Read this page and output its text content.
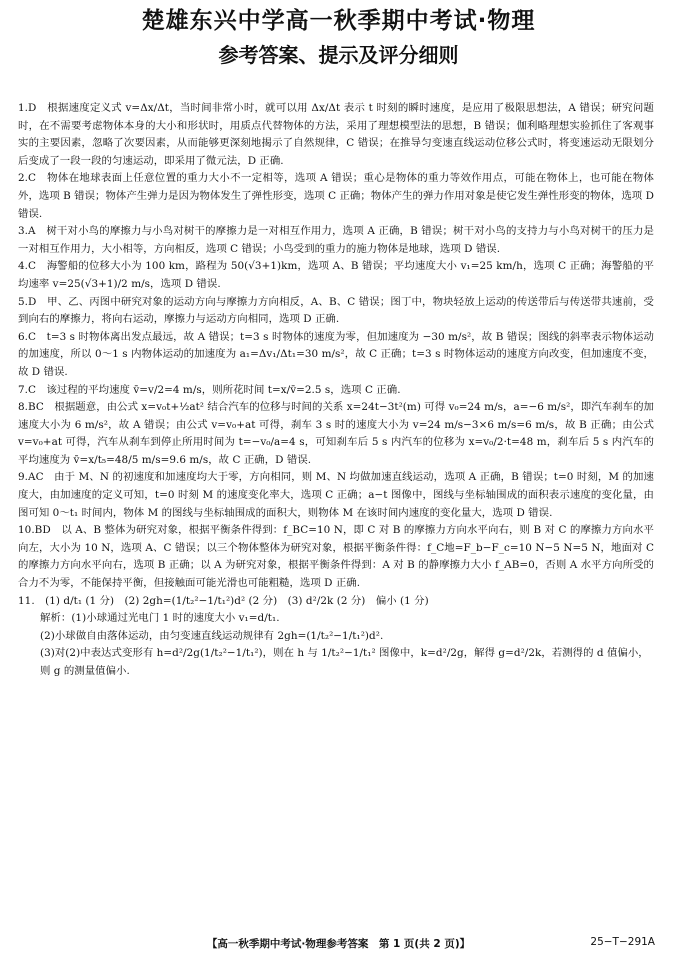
楚雄东兴中学高一秋季期中考试·物理
参考答案、提示及评分细则

1.D　 根据速度定义式 v=Δx/Δt，当时间非常小时，就可以用 Δx/Δt 表示 t 时刻的瞬时速度，是应用了极限思想法，A 错误；研究问题时，在不需要考虑物体本身的大小和形状时，用质点代替物体的方法，采用了理想模型法的思想，B 错误；伽利略理想实验抓住了客观事实的主要因素，忽略了次要因素，从而能够更深刻地揭示了自然规律，C 错误；在推导匀变速直线运动位移公式时，将变速运动无限划分后变成了一段一段的匀速运动，即采用了微元法，D 正确.

2.C　 物体在地球表面上任意位置的重力大小不一定相等，选项 A 错误；重心是物体的重力等效作用点，可能在物体上，也可能在物体外，选项 B 错误；物体产生弹力是因为物体发生了弹性形变，选项 C 正确；物体产生的弹力作用对象是使它发生弹性形变的物体，选项 D 错误.

3.A　 树干对小鸟的摩擦力与小鸟对树干的摩擦力是一对相互作用力，选项 A 正确，B 错误；树干对小鸟的支持力与小鸟对树干的压力是一对相互作用力，大小相等，方向相反，选项 C 错误；小鸟受到的重力的施力物体是地球，选项 D 错误.

4.C　 海警船的位移大小为 100 km，路程为 50(√3+1)km，选项 A、B 错误；平均速度大小 v₁=25 km/h，选项 C 正确；海警船的平均速率 v=25(√3+1)/2 m/s，选项 D 错误.

5.D　 甲、乙、丙图中研究对象的运动方向与摩擦力方向相反，A、B、C 错误；图丁中，物块轻放上运动的传送带后与传送带共速前，受到向右的摩擦力，将向右运动，摩擦力与运动方向相同，选项 D 正确.

6.C　 t=3 s 时物体离出发点最远，故 A 错误；t=3 s 时物体的速度为零，但加速度为 −30 m/s²，故 B 错误；图线的斜率表示物体运动的加速度，所以 0～1 s 内物体运动的加速度为 a₁=Δv₁/Δt₁=30 m/s²，故 C 正确；t=3 s 时物体运动的速度方向改变，但加速度不变，故 D 错误.

7.C　 该过程的平均速度 v̄=v/2=4 m/s，则所花时间 t=x/v̄=2.5 s，选项 C 正确.

8.BC　 根据题意，由公式 x=v₀t+½at² 结合汽车的位移与时间的关系 x=24t−3t²(m) 可得 v₀=24 m/s，a=−6 m/s²，即汽车刹车的加速度大小为 6 m/s²，故 A 错误；由公式 v=v₀+at 可得，刹车 3 s 时的速度大小为 v=24 m/s−3×6 m/s=6 m/s，故 B 正确；由公式 v=v₀+at 可得，汽车从刹车到停止所用时间为 t=−v₀/a=4 s，可知刹车后 5 s 内汽车的位移为 x=v₀/2·t=48 m，刹车后 5 s 内汽车的平均速度为 v̄=x/t₅=48/5 m/s=9.6 m/s，故 C 正确，D 错误.

9.AC　 由于 M、N 的初速度和加速度均大于零，方向相同，则 M、N 均做加速直线运动，选项 A 正确，B 错误；t=0 时刻，M 的加速度大，由加速度的定义可知，t=0 时刻 M 的速度变化率大，选项 C 正确；a−t 图像中，图线与坐标轴围成的面积表示速度的变化量，由图可知 0～t₁ 时间内，物体 M 的图线与坐标轴围成的面积大，则物体 M 在该时间内速度的变化量大，选项 D 错误.

10.BD　 以 A、B 整体为研究对象，根据平衡条件得到：f_BC=10 N，即 C 对 B 的摩擦力方向水平向右，则 B 对 C 的摩擦力方向水平向左，大小为 10 N，选项 A、C 错误；以三个物体整体为研究对象，根据平衡条件得：f_C地=F_b−F_c=10 N−5 N=5 N，地面对 C 的摩擦力方向水平向右，选项 B 正确；以 A 为研究对象，根据平衡条件得到：A 对 B 的静摩擦力大小 f_AB=0，否则 A 水平方向所受的合力不为零，不能保持平衡，但接触面可能光滑也可能粗糙，选项 D 正确.

11.　 (1) d/t₁ (1 分)　(2) 2gh=(1/t₂²−1/t₁²)d² (2 分)　(3) d²/2k (2 分)　偏小 (1 分)

解析：(1)小球通过光电门 1 时的速度大小 v₁=d/t₁.

(2)小球做自由落体运动，由匀变速直线运动规律有 2gh=(1/t₂²−1/t₁²)d².

(3)对(2)中表达式变形有 h=d²/2g(1/t₂²−1/t₁²)，则在 h 与 1/t₂²−1/t₁² 图像中，k=d²/2g，解得 g=d²/2k，若测得的 d 值偏小，则 g 的测量值偏小.

【高一秋季期中考试·物理参考答案　第 1 页(共 2 页)】	25−T−291A
